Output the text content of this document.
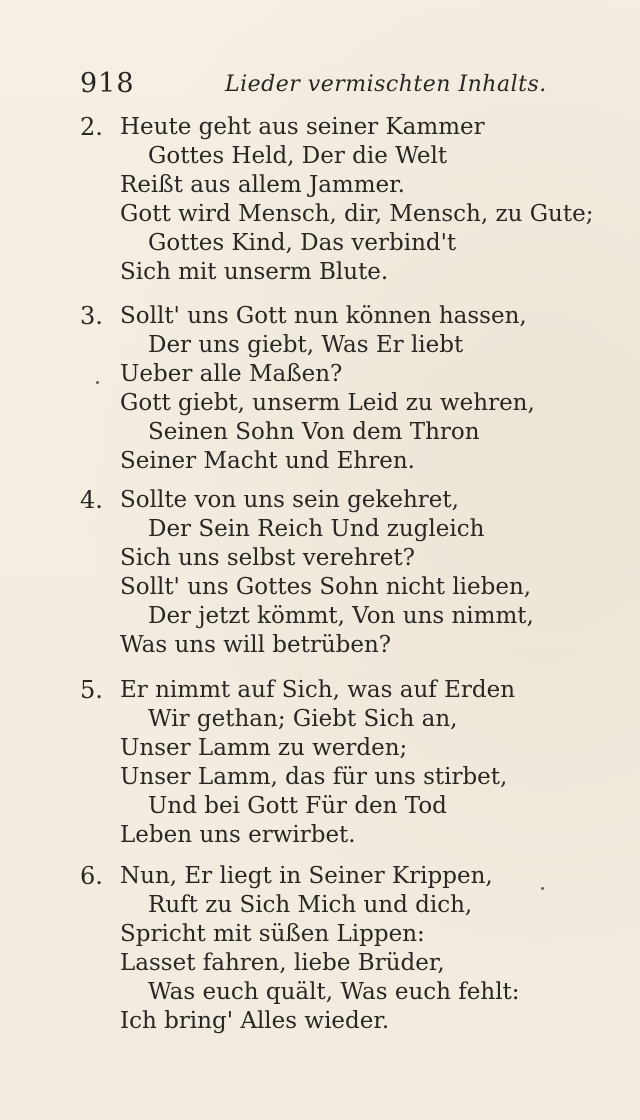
918	Lieder vermischten Inhalts.
2. Heute geht aus seiner Kammer
Gottes Held, Der die Welt
Reißt aus allem Jammer.
Gott wird Mensch, dir, Mensch, zu Gute;
Gottes Kind, Das verbind't
Sich mit unserm Blute.
3. Sollt' uns Gott nun können hassen,
Der uns giebt, Was Er liebt
Ueber alle Maßen?
Gott giebt, unserm Leid zu wehren,
Seinen Sohn Von dem Thron
Seiner Macht und Ehren.
4. Sollte von uns sein gekehret,
Der Sein Reich Und zugleich
Sich uns selbst verehret?
Sollt' uns Gottes Sohn nicht lieben,
Der jetzt kömmt, Von uns nimmt,
Was uns will betrüben?
5. Er nimmt auf Sich, was auf Erden
Wir gethan; Giebt Sich an,
Unser Lamm zu werden;
Unser Lamm, das für uns stirbet,
Und bei Gott Für den Tod
Leben uns erwirbet.
6. Nun, Er liegt in Seiner Krippen,
Ruft zu Sich Mich und dich,
Spricht mit süßen Lippen:
Lasset fahren, liebe Brüder,
Was euch quält, Was euch fehlt:
Ich bring' Alles wieder.
